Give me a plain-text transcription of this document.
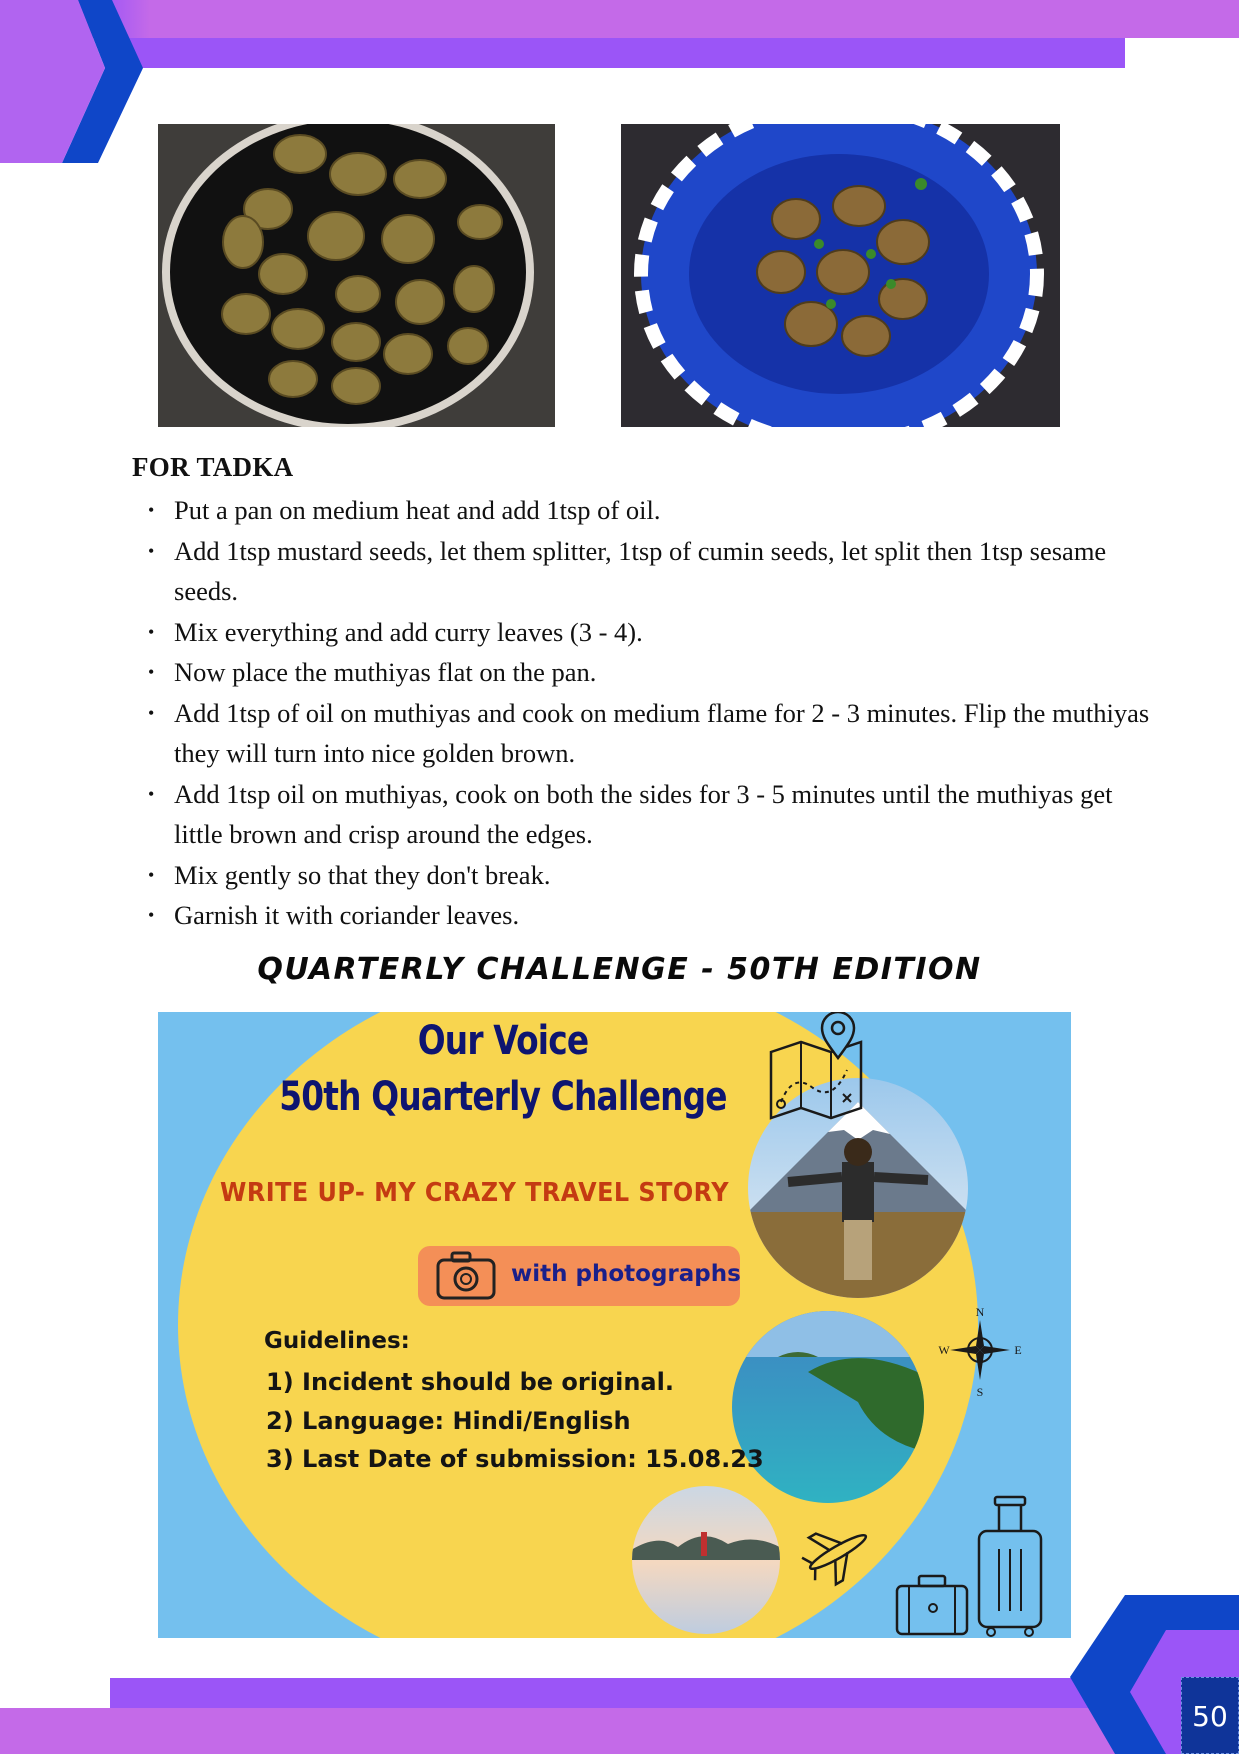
FOR TADKA
• Put a pan on medium heat and add 1tsp of oil.
• Add 1tsp mustard seeds, let them splitter, 1tsp of cumin seeds, let split then 1tsp sesame seeds.
• Mix everything and add curry leaves (3 - 4).
• Now place the muthiyas flat on the pan.
• Add 1tsp of oil on muthiyas and cook on medium flame for 2 - 3 minutes. Flip the muthiyas they will turn into nice golden brown.
• Add 1tsp oil on muthiyas, cook on both the sides for 3 - 5 minutes until the muthiyas get little brown and crisp around the edges.
• Mix gently so that they don't break.
• Garnish it with coriander leaves.
QUARTERLY CHALLENGE - 50TH EDITION
Our Voice
50th Quarterly Challenge
WRITE UP- MY CRAZY TRAVEL STORY
with photographs
Guidelines:
1) Incident should be original.
2) Language: Hindi/English
3) Last Date of submission: 15.08.23
N
S
W	E
50
